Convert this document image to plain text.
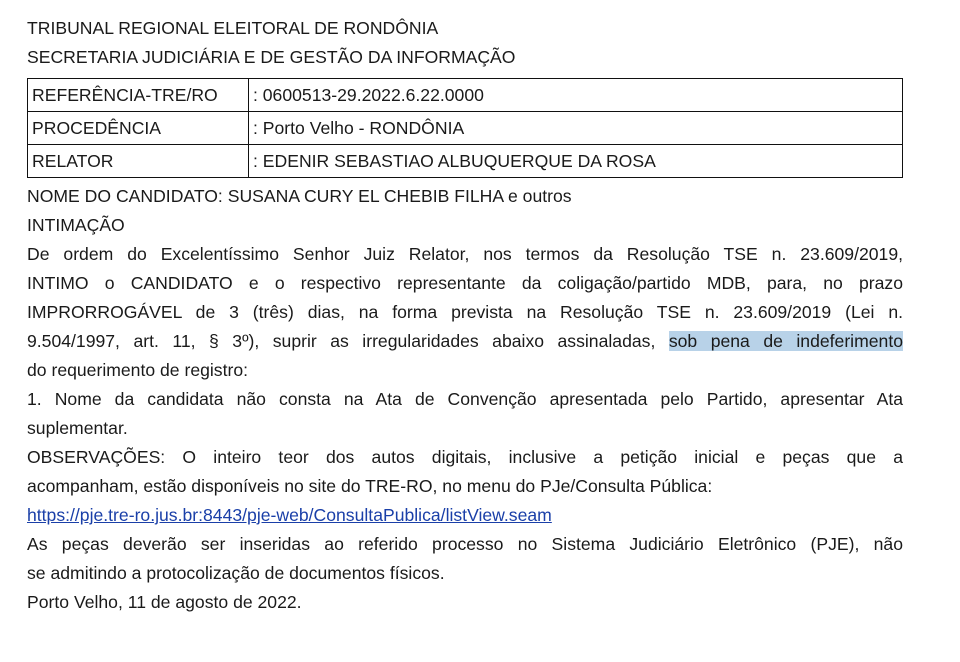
TRIBUNAL REGIONAL ELEITORAL DE RONDÔNIA
SECRETARIA JUDICIÁRIA E DE GESTÃO DA INFORMAÇÃO
REFERÊNCIA-TRE/RO	: 0600513-29.2022.6.22.0000
PROCEDÊNCIA	: Porto Velho - RONDÔNIA
RELATOR	: EDENIR SEBASTIAO ALBUQUERQUE DA ROSA
NOME DO CANDIDATO: SUSANA CURY EL CHEBIB FILHA e outros
INTIMAÇÃO
De ordem do Excelentíssimo Senhor Juiz Relator, nos termos da Resolução TSE n. 23.609/2019,
INTIMO o CANDIDATO e o respectivo representante da coligação/partido MDB, para, no prazo
IMPRORROGÁVEL de 3 (três) dias, na forma prevista na Resolução TSE n. 23.609/2019 (Lei n.
9.504/1997, art. 11, § 3º), suprir as irregularidades abaixo assinaladas, sob pena de indeferimento
do requerimento de registro:
1. Nome da candidata não consta na Ata de Convenção apresentada pelo Partido, apresentar Ata
suplementar.
OBSERVAÇÕES: O inteiro teor dos autos digitais, inclusive a petição inicial e peças que a
acompanham, estão disponíveis no site do TRE-RO, no menu do PJe/Consulta Pública:
https://pje.tre-ro.jus.br:8443/pje-web/ConsultaPublica/listView.seam
As peças deverão ser inseridas ao referido processo no Sistema Judiciário Eletrônico (PJE), não
se admitindo a protocolização de documentos físicos.
Porto Velho, 11 de agosto de 2022.
